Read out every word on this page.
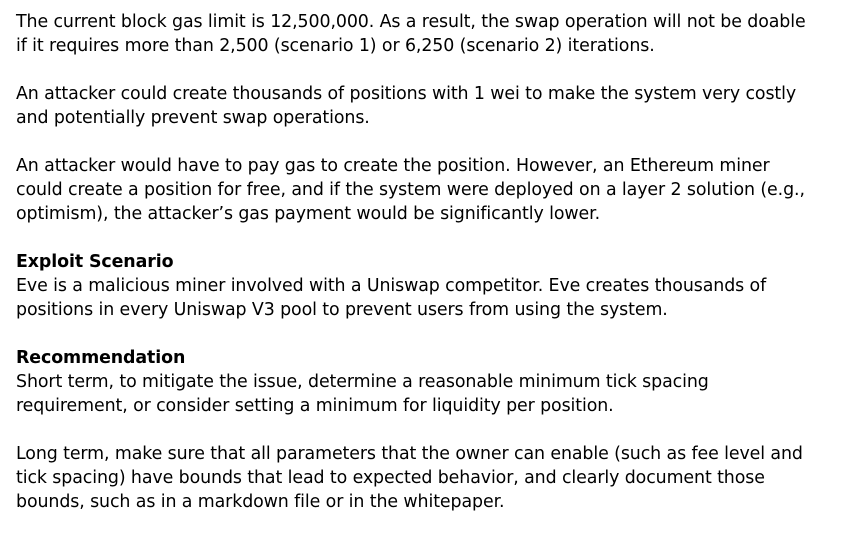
The current block gas limit is 12,500,000. As a result, the swap operation will not be doable
if it requires more than 2,500 (scenario 1) or 6,250 (scenario 2) iterations.

An attacker could create thousands of positions with 1 wei to make the system very costly
and potentially prevent swap operations.

An attacker would have to pay gas to create the position. However, an Ethereum miner
could create a position for free, and if the system were deployed on a layer 2 solution (e.g.,
optimism), the attacker’s gas payment would be significantly lower.

Exploit Scenario
Eve is a malicious miner involved with a Uniswap competitor. Eve creates thousands of
positions in every Uniswap V3 pool to prevent users from using the system.

Recommendation
Short term, to mitigate the issue, determine a reasonable minimum tick spacing
requirement, or consider setting a minimum for liquidity per position.

Long term, make sure that all parameters that the owner can enable (such as fee level and
tick spacing) have bounds that lead to expected behavior, and clearly document those
bounds, such as in a markdown file or in the whitepaper.
